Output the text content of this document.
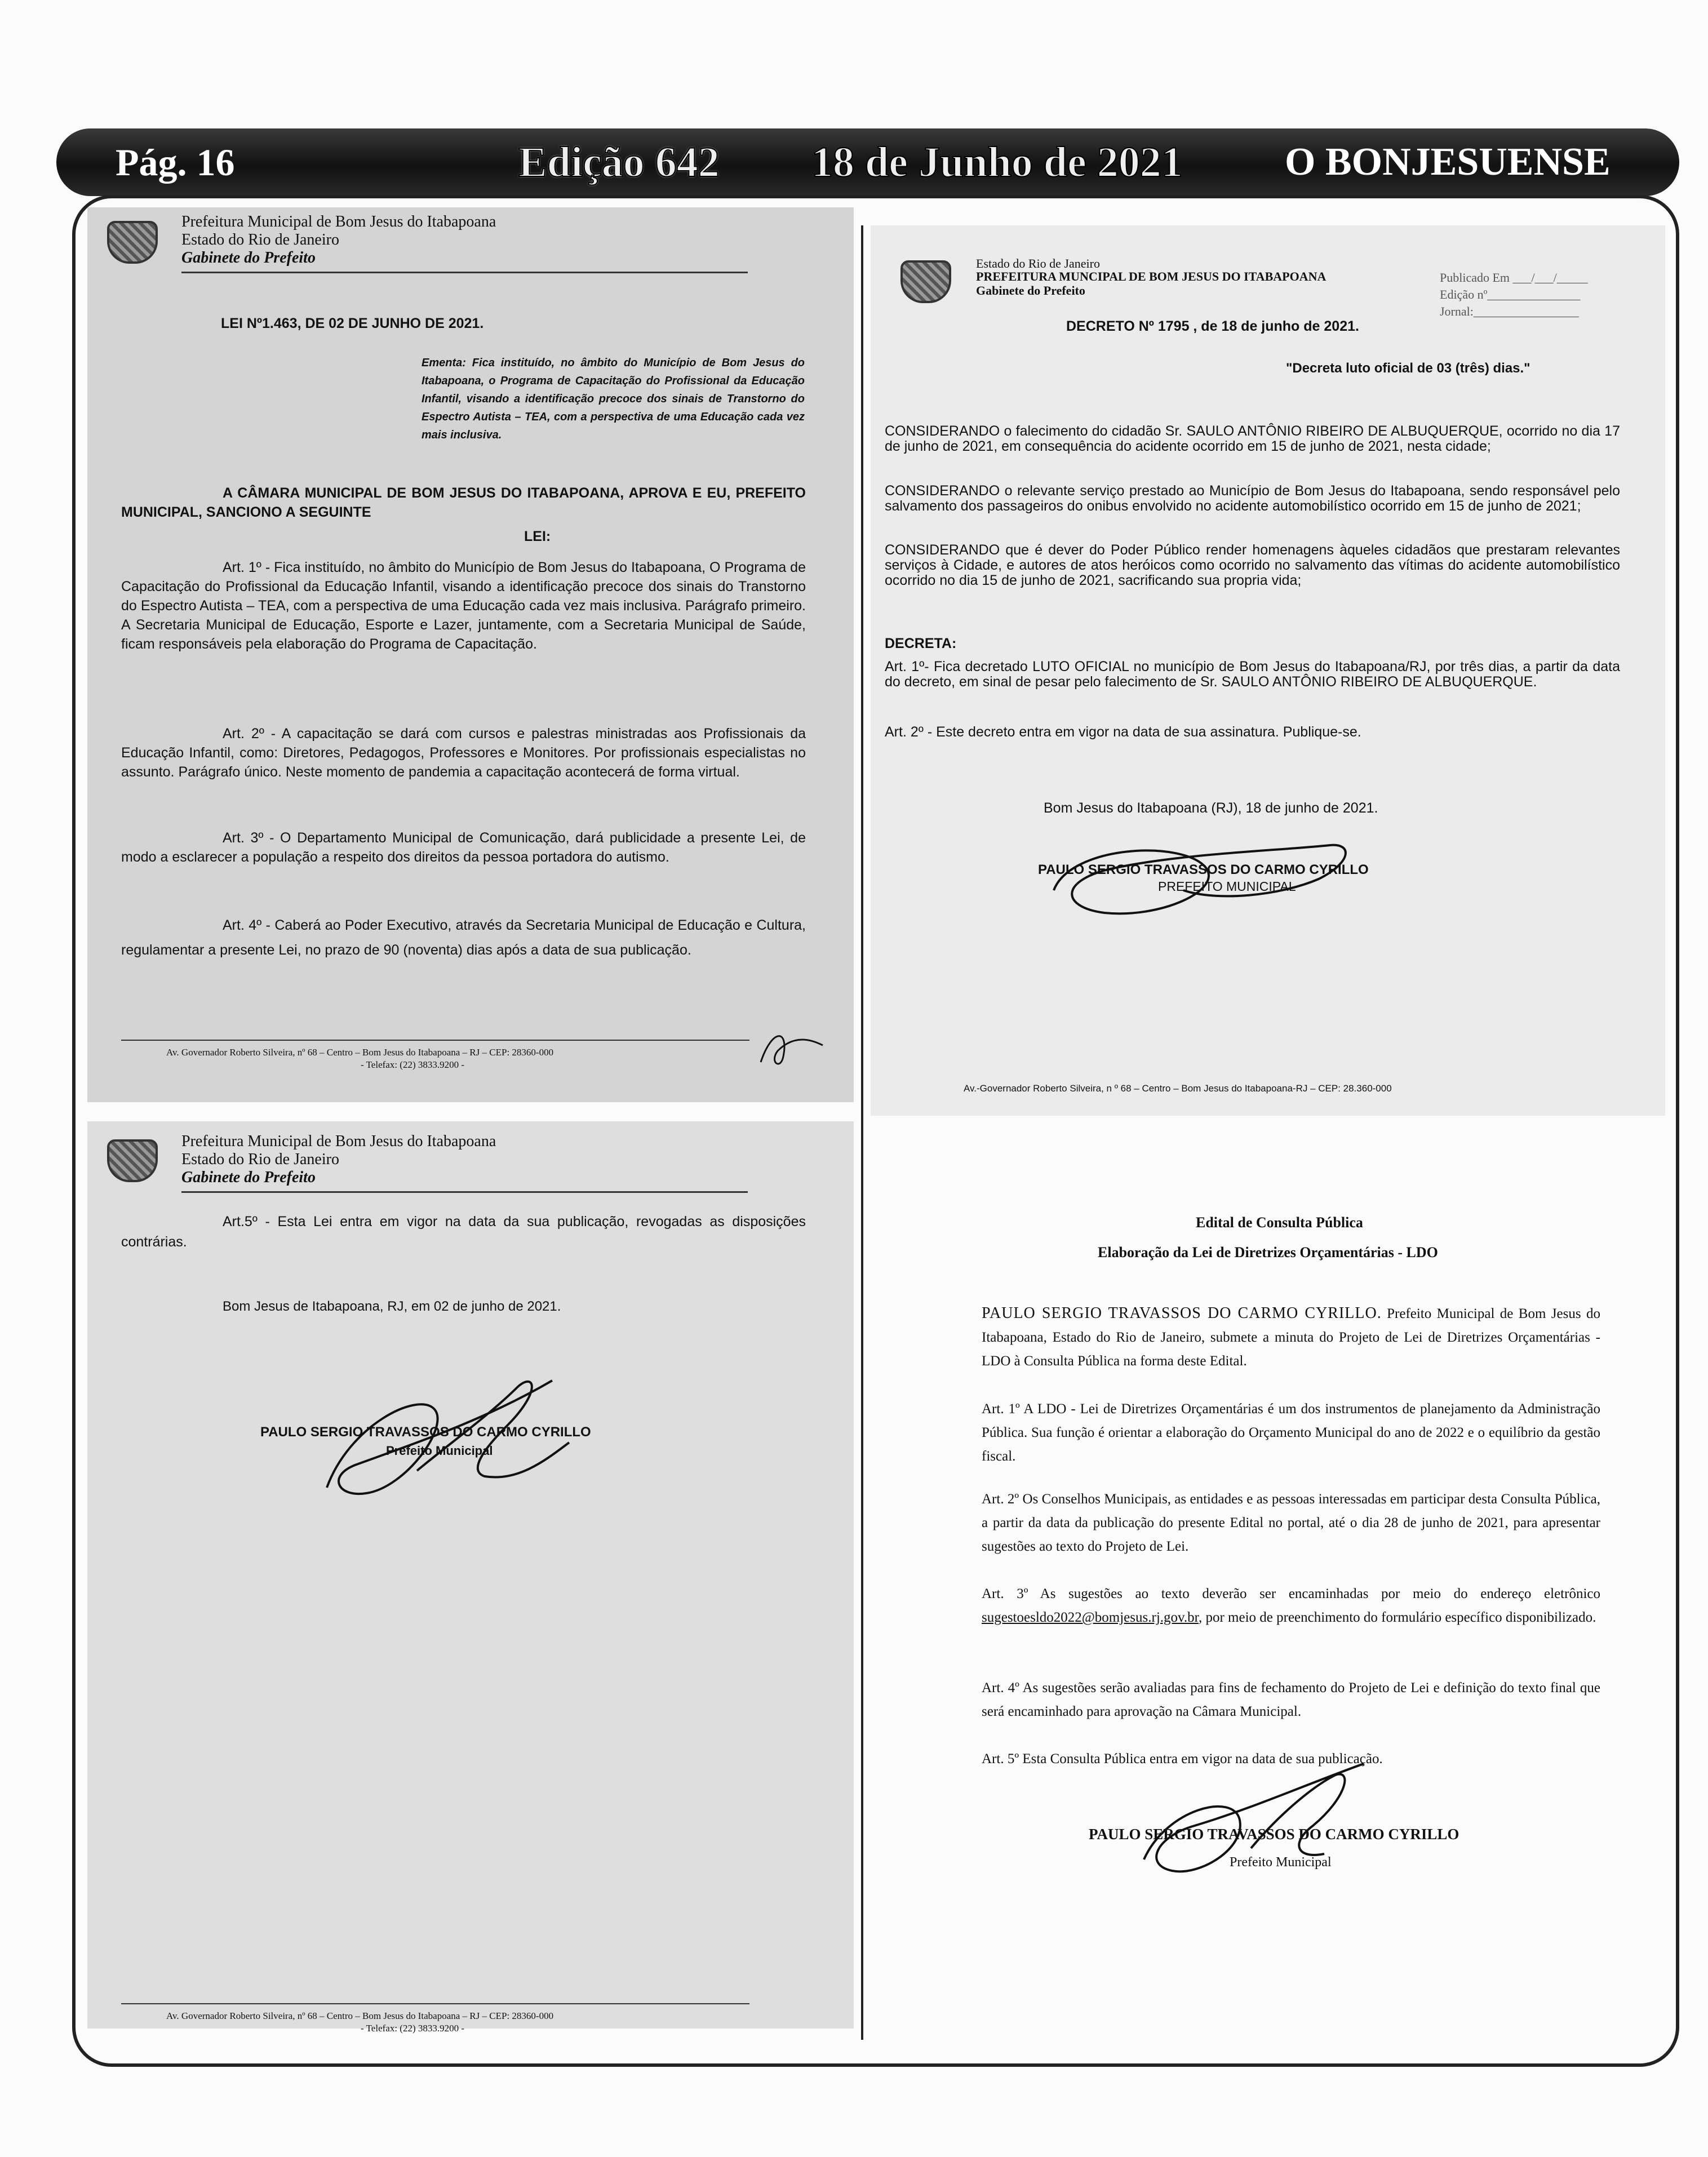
Pág. 16	Edição 642 18 de Junho de 2021	O BONJESUENSE
Prefeitura Municipal de Bom Jesus do Itabapoana
Estado do Rio de Janeiro
Gabinete do Prefeito
LEI Nº1.463, DE 02 DE JUNHO DE 2021.
Ementa: Fica instituído, no âmbito do Município de Bom Jesus do Itabapoana, o Programa de Capacitação do Profissional da Educação Infantil, visando a identificação precoce dos sinais de Transtorno do Espectro Autista – TEA, com a perspectiva de uma Educação cada vez mais inclusiva.
A CÂMARA MUNICIPAL DE BOM JESUS DO ITABAPOANA, APROVA E EU, PREFEITO MUNICIPAL, SANCIONO A SEGUINTE
LEI:
Art. 1º - Fica instituído, no âmbito do Município de Bom Jesus do Itabapoana, O Programa de Capacitação do Profissional da Educação Infantil, visando a identificação precoce dos sinais do Transtorno do Espectro Autista – TEA, com a perspectiva de uma Educação cada vez mais inclusiva. Parágrafo primeiro. A Secretaria Municipal de Educação, Esporte e Lazer, juntamente, com a Secretaria Municipal de Saúde, ficam responsáveis pela elaboração do Programa de Capacitação.
Art. 2º - A capacitação se dará com cursos e palestras ministradas aos Profissionais da Educação Infantil, como: Diretores, Pedagogos, Professores e Monitores. Por profissionais especialistas no assunto. Parágrafo único. Neste momento de pandemia a capacitação acontecerá de forma virtual.
Art. 3º - O Departamento Municipal de Comunicação, dará publicidade a presente Lei, de modo a esclarecer a população a respeito dos direitos da pessoa portadora do autismo.
Art. 4º - Caberá ao Poder Executivo, através da Secretaria Municipal de Educação e Cultura, regulamentar a presente Lei, no prazo de 90 (noventa) dias após a data de sua publicação.
Av. Governador Roberto Silveira, nº 68 – Centro – Bom Jesus do Itabapoana – RJ – CEP: 28360-000
- Telefax: (22) 3833.9200 -
Prefeitura Municipal de Bom Jesus do Itabapoana
Estado do Rio de Janeiro
Gabinete do Prefeito
Art.5º - Esta Lei entra em vigor na data da sua publicação, revogadas as disposições contrárias.
Bom Jesus de Itabapoana, RJ, em 02 de junho de 2021.
PAULO SERGIO TRAVASSOS DO CARMO CYRILLO
Prefeito Municipal
Av. Governador Roberto Silveira, nº 68 – Centro – Bom Jesus do Itabapoana – RJ – CEP: 28360-000
- Telefax: (22) 3833.9200 -
Estado do Rio de Janeiro
PREFEITURA MUNCIPAL DE BOM JESUS DO ITABAPOANA
Gabinete do Prefeito
Publicado Em ___/___/_____
Edição nº_______________
Jornal:_________________
DECRETO Nº 1795 , de 18 de junho de 2021.
"Decreta luto oficial de 03 (três) dias."
CONSIDERANDO o falecimento do cidadão Sr. SAULO ANTÔNIO RIBEIRO DE ALBUQUERQUE, ocorrido no dia 17 de junho de 2021, em consequência do acidente ocorrido em 15 de junho de 2021, nesta cidade;
CONSIDERANDO o relevante serviço prestado ao Município de Bom Jesus do Itabapoana, sendo responsável pelo salvamento dos passageiros do onibus envolvido no acidente automobilístico ocorrido em 15 de junho de 2021;
CONSIDERANDO que é dever do Poder Público render homenagens àqueles cidadãos que prestaram relevantes serviços à Cidade, e autores de atos heróicos como ocorrido no salvamento das vítimas do acidente automobilístico ocorrido no dia 15 de junho de 2021, sacrificando sua propria vida;
DECRETA:
Art. 1º- Fica decretado LUTO OFICIAL no município de Bom Jesus do Itabapoana/RJ, por três dias, a partir da data do decreto, em sinal de pesar pelo falecimento de Sr. SAULO ANTÔNIO RIBEIRO DE ALBUQUERQUE.
Art. 2º - Este decreto entra em vigor na data de sua assinatura. Publique-se.
Bom Jesus do Itabapoana (RJ), 18 de junho de 2021.
PAULO SERGIO TRAVASSOS DO CARMO CYRILLO
PREFEITO MUNICIPAL
Av.-Governador Roberto Silveira, n º 68 – Centro – Bom Jesus do Itabapoana-RJ – CEP: 28.360-000
Edital de Consulta Pública
Elaboração da Lei de Diretrizes Orçamentárias - LDO
PAULO SERGIO TRAVASSOS DO CARMO CYRILLO. Prefeito Municipal de Bom Jesus do Itabapoana, Estado do Rio de Janeiro, submete a minuta do Projeto de Lei de Diretrizes Orçamentárias - LDO à Consulta Pública na forma deste Edital.
Art. 1º A LDO - Lei de Diretrizes Orçamentárias é um dos instrumentos de planejamento da Administração Pública. Sua função é orientar a elaboração do Orçamento Municipal do ano de 2022 e o equilíbrio da gestão fiscal.
Art. 2º Os Conselhos Municipais, as entidades e as pessoas interessadas em participar desta Consulta Pública, a partir da data da publicação do presente Edital no portal, até o dia 28 de junho de 2021, para apresentar sugestões ao texto do Projeto de Lei.
Art. 3º As sugestões ao texto deverão ser encaminhadas por meio do endereço eletrônico sugestoesldo2022@bomjesus.rj.gov.br, por meio de preenchimento do formulário específico disponibilizado.
Art. 4º As sugestões serão avaliadas para fins de fechamento do Projeto de Lei e definição do texto final que será encaminhado para aprovação na Câmara Municipal.
Art. 5º Esta Consulta Pública entra em vigor na data de sua publicação.
PAULO SERGIO TRAVASSOS DO CARMO CYRILLO
Prefeito Municipal
